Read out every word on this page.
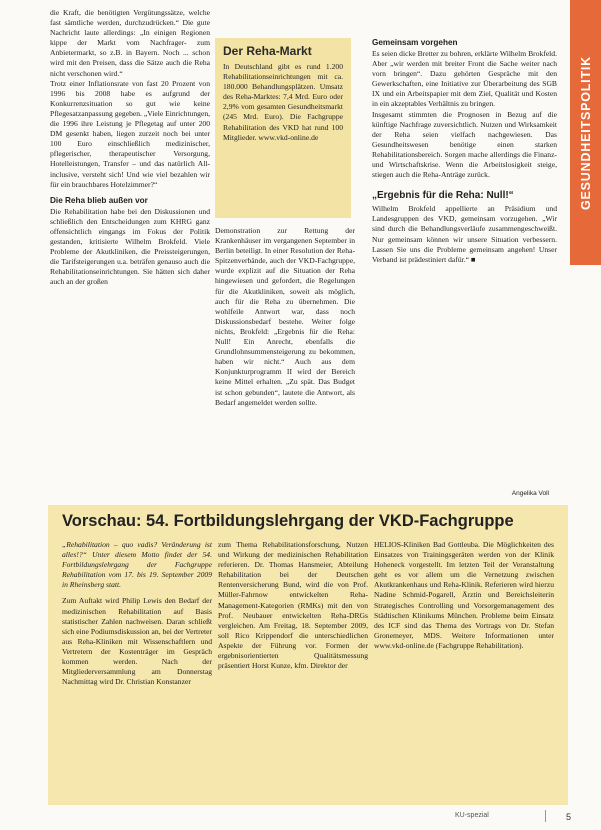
GESUNDHEITSPOLITIK

die Kraft, die benötigten Vergütungssätze, welche fast sämtliche werden, durchzudrücken.“ Die gute Nachricht laute allerdings: „In einigen Regionen kippe der Markt vom Nachfrager- zum Anbietermarkt, so z.B. in Bayern. Noch ... schon wird mit den Preisen, dass die Sätze auch die Reha nicht verschonen wird.“

Trotz einer Inflationsrate von fast 20 Prozent von 1996 bis 2008 habe es aufgrund der Konkurrenzsituation so gut wie keine Pflegesatzanpassung gegeben. „Viele Einrichtungen, die 1996 ihre Leistung je Pflegetag auf unter 200 DM gesenkt haben, liegen zurzeit noch bei unter 100 Euro einschließlich medizinischer, pflegerischer, therapeutischer Versorgung, Hotelleistungen, Transfer – und das natürlich All-inclusive, versteht sich! Und wie viel bezahlen wir für ein brauchbares Hotelzimmer?“

Die Reha blieb außen vor

Die Rehabilitation habe bei den Diskussionen und schließlich den Entscheidungen zum KHRG ganz offensichtlich eingangs im Fokus der Politik gestanden, kritisierte Wilhelm Brokfeld. Viele Probleme der Akutkliniken, die Preissteigerungen, die Tarifsteigerungen u.a. beträfen genauso auch die Rehabilitationseinrichtungen. Sie hätten sich daher auch an der großen

Der Reha-Markt

In Deutschland gibt es rund 1.200 Rehabilitationseinrichtungen mit ca. 180.000 Behandlungsplätzen. Umsatz des Reha-Marktes: 7,4 Mrd. Euro oder 2,9% vom gesamten Gesundheitsmarkt (245 Mrd. Euro). Die Fachgruppe Rehabilitation des VKD hat rund 100 Mitglieder. www.vkd-online.de

Demonstration zur Rettung der Krankenhäuser im vergangenen September in Berlin beteiligt. In einer Resolution der Reha-Spitzenverbände, auch der VKD-Fachgruppe, wurde explizit auf die Situation der Reha hingewiesen und gefordert, die Regelungen für die Akutkliniken, soweit als möglich, auch für die Reha zu übernehmen. Die wohlfeile Antwort war, dass noch Diskussionsbedarf bestehe. Weiter folge nichts, Brokfeld: „Ergebnis für die Reha: Null! Ein Anrecht, ebenfalls die Grundlohnsummensteigerung zu bekommen, haben wir nicht.“ Auch aus dem Konjunkturprogramm II wird der Bereich keine Mittel erhalten. „Zu spät. Das Budget ist schon gebunden“, lautete die Antwort, als Bedarf angemeldet werden sollte.

Gemeinsam vorgehen

Es seien dicke Bretter zu bohren, erklärte Wilhelm Brokfeld. Aber „wir werden mit breiter Front die Sache weiter nach vorn bringen“. Dazu gehörten Gespräche mit den Gewerkschaften, eine Initiative zur Überarbeitung des SGB IX und ein Arbeitspapier mit dem Ziel, Qualität und Kosten in ein akzeptables Verhältnis zu bringen.

Insgesamt stimmten die Prognosen in Bezug auf die künftige Nachfrage zuversichtlich. Nutzen und Wirksamkeit der Reha seien vielfach nachgewiesen. Das Gesundheitswesen benötige einen starken Rehabilitationsbereich. Sorgen mache allerdings die Finanz- und Wirtschaftskrise. Wenn die Arbeitslosigkeit steige, stiegen auch die Reha-Anträge zurück.

„Ergebnis für die Reha: Null!“

Wilhelm Brokfeld appellierte an Präsidium und Landesgruppen des VKD, gemeinsam vorzugehen. „Wir sind durch die Behandlungsverläufe zusammengeschweißt. Nur gemeinsam können wir unsere Situation verbessern. Lassen Sie uns die Probleme gemeinsam angehen! Unser Verband ist prädestiniert dafür.“ ■

Angelika Voll

Vorschau: 54. Fortbildungslehrgang der VKD-Fachgruppe

„Rehabilitation – quo vadis? Veränderung ist alles!?“ Unter diesem Motto findet der 54. Fortbildungslehrgang der Fachgruppe Rehabilitation vom 17. bis 19. September 2009 in Rheinsberg statt.

Zum Auftakt wird Philip Lewis den Bedarf der medizinischen Rehabilitation auf Basis statistischer Zahlen nachweisen. Daran schließt sich eine Podiumsdiskussion an, bei der Vertreter aus Reha-Kliniken mit Wissenschaftlern und Vertretern der Kostenträger im Gespräch kommen werden. Nach der Mitgliederversammlung am Donnerstag Nachmittag wird Dr. Christian Konstanzer

zum Thema Rehabilitationsforschung, Nutzen und Wirkung der medizinischen Rehabilitation referieren. Dr. Thomas Hansmeier, Abteilung Rehabilitation bei der Deutschen Rentenversicherung Bund, wird die von Prof. Müller-Fahrnow entwickelten Reha-Management-Kategorien (RMKs) mit den von Prof. Neubauer entwickelten Reha-DRGs vergleichen. Am Freitag, 18. September 2009, soll Rico Krippendorf die unterschiedlichen Aspekte der Führung vor. Formen der ergebnisorientierten Qualitätsmessung präsentiert Horst Kunze, kfm. Direktor der

HELIOS-Kliniken Bad Gottleuba. Die Möglichkeiten des Einsatzes von Trainingsgeräten werden von der Klinik Hoheneck vorgestellt. Im letzten Teil der Veranstaltung geht es vor allem um die Vernetzung zwischen Akutkrankenhaus und Reha-Klinik. Referieren wird hierzu Nadine Schmid-Pogarell, Ärztin und Bereichsleiterin Strategisches Controlling und Vorsorgemanagement des Städtischen Klinikums München. Probleme beim Einsatz des ICF sind das Thema des Vortrags von Dr. Stefan Gronemeyer, MDS. Weitere Informationen unter www.vkd-online.de (Fachgruppe Rehabilitation).

KU-spezial	5
